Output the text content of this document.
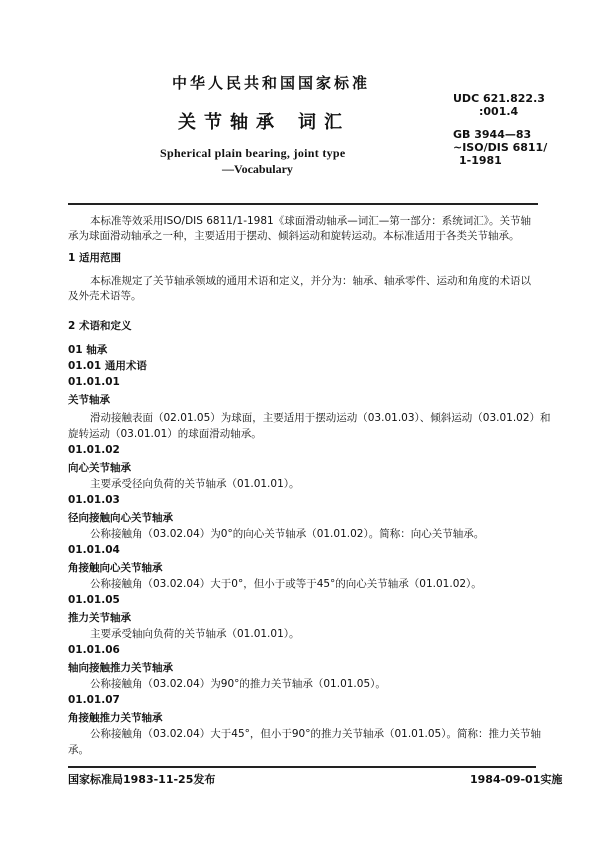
中华人民共和国国家标准
关节轴承 词汇
Spherical plain bearing, joint type
—Vocabulary
UDC 621.822.3
:001.4
GB 3944—83
~ISO/DIS 6811/
1-1981

本标准等效采用ISO/DIS 6811/1-1981《球面滑动轴承—词汇—第一部分：系统词汇》。关节轴承为球面滑动轴承之一种，主要适用于摆动、倾斜运动和旋转运动。本标准适用于各类关节轴承。

1 适用范围

本标准规定了关节轴承领域的通用术语和定义，并分为：轴承、轴承零件、运动和角度的术语以及外壳术语等。

2 术语和定义
01 轴承
01.01 通用术语
01.01.01
关节轴承
滑动接触表面（02.01.05）为球面，主要适用于摆动运动（03.01.03）、倾斜运动（03.01.02）和
旋转运动（03.01.01）的球面滑动轴承。
01.01.02
向心关节轴承
主要承受径向负荷的关节轴承（01.01.01）。
01.01.03
径向接触向心关节轴承
公称接触角（03.02.04）为0°的向心关节轴承（01.01.02）。简称：向心关节轴承。
01.01.04
角接触向心关节轴承
公称接触角（03.02.04）大于0°，但小于或等于45°的向心关节轴承（01.01.02）。
01.01.05
推力关节轴承
主要承受轴向负荷的关节轴承（01.01.01）。
01.01.06
轴向接触推力关节轴承
公称接触角（03.02.04）为90°的推力关节轴承（01.01.05）。
01.01.07
角接触推力关节轴承
公称接触角（03.02.04）大于45°，但小于90°的推力关节轴承（01.01.05）。简称：推力关节轴
承。
国家标准局1983-11-25发布	1984-09-01实施
